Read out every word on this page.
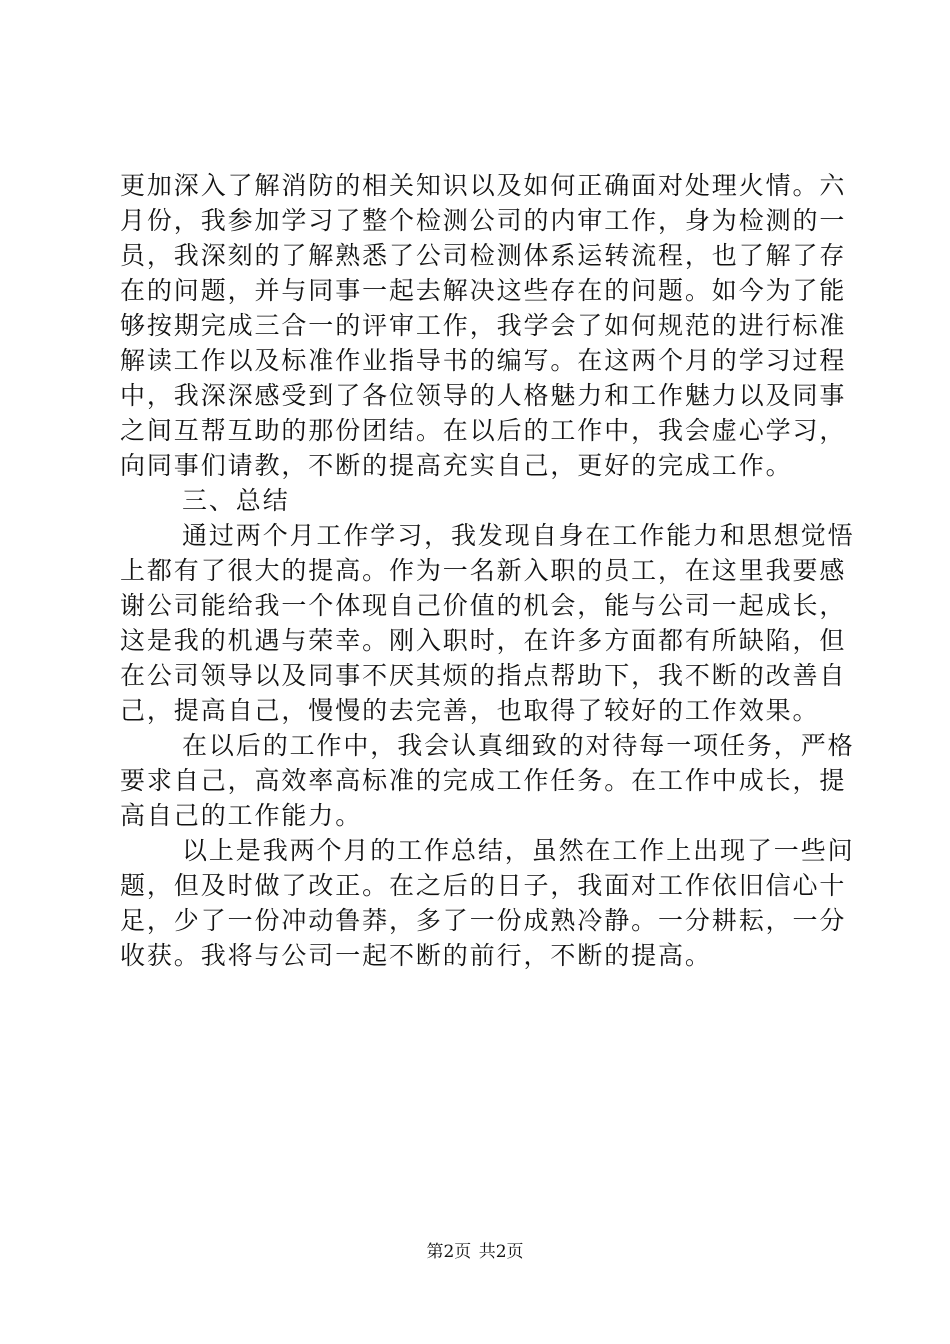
更加深入了解消防的相关知识以及如何正确面对处理火情。六
月份，我参加学习了整个检测公司的内审工作，身为检测的一
员，我深刻的了解熟悉了公司检测体系运转流程，也了解了存
在的问题，并与同事一起去解决这些存在的问题。如今为了能
够按期完成三合一的评审工作，我学会了如何规范的进行标准
解读工作以及标准作业指导书的编写。在这两个月的学习过程
中，我深深感受到了各位领导的人格魅力和工作魅力以及同事
之间互帮互助的那份团结。在以后的工作中，我会虚心学习，
向同事们请教，不断的提高充实自己，更好的完成工作。
三、总结
通过两个月工作学习，我发现自身在工作能力和思想觉悟
上都有了很大的提高。作为一名新入职的员工，在这里我要感
谢公司能给我一个体现自己价值的机会，能与公司一起成长，
这是我的机遇与荣幸。刚入职时，在许多方面都有所缺陷，但
在公司领导以及同事不厌其烦的指点帮助下，我不断的改善自
己，提高自己，慢慢的去完善，也取得了较好的工作效果。
在以后的工作中，我会认真细致的对待每一项任务，严格
要求自己，高效率高标准的完成工作任务。在工作中成长，提
高自己的工作能力。
以上是我两个月的工作总结，虽然在工作上出现了一些问
题，但及时做了改正。在之后的日子，我面对工作依旧信心十
足，少了一份冲动鲁莽，多了一份成熟冷静。一分耕耘，一分
收获。我将与公司一起不断的前行，不断的提高。
第2页 共2页
